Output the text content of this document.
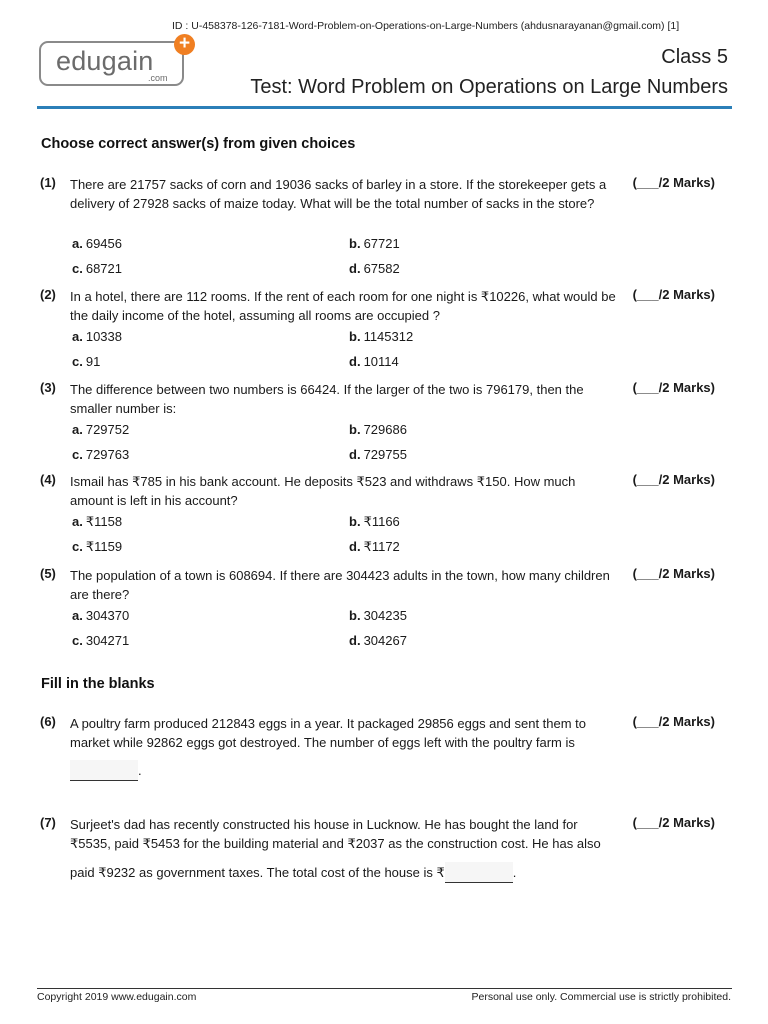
ID : U-458378-126-7181-Word-Problem-on-Operations-on-Large-Numbers (ahdusnarayanan@gmail.com) [1]
edugain
.com
+
Class 5
Test: Word Problem on Operations on Large Numbers
Choose correct answer(s) from given choices
(1) There are 21757 sacks of corn and 19036 sacks of barley in a store. If the storekeeper gets a delivery of 27928 sacks of maize today. What will be the total number of sacks in the store?
(___/2 Marks)
a. 69456	b. 67721
c. 68721	d. 67582
(2) In a hotel, there are 112 rooms. If the rent of each room for one night is ₹10226, what would be the daily income of the hotel, assuming all rooms are occupied ?
(___/2 Marks)
a. 10338	b. 1145312
c. 91	d. 10114
(3) The difference between two numbers is 66424. If the larger of the two is 796179, then the smaller number is:
(___/2 Marks)
a. 729752	b. 729686
c. 729763	d. 729755
(4) Ismail has ₹785 in his bank account. He deposits ₹523 and withdraws ₹150. How much amount is left in his account?
(___/2 Marks)
a. ₹1158	b. ₹1166
c. ₹1159	d. ₹1172
(5) The population of a town is 608694. If there are 304423 adults in the town, how many children are there?
(___/2 Marks)
a. 304370	b. 304235
c. 304271	d. 304267
Fill in the blanks
(6) A poultry farm produced 212843 eggs in a year. It packaged 29856 eggs and sent them to market while 92862 eggs got destroyed. The number of eggs left with the poultry farm is
(___/2 Marks)
.
(7) Surjeet's dad has recently constructed his house in Lucknow. He has bought the land for ₹5535, paid ₹5453 for the building material and ₹2037 as the construction cost. He has also
(___/2 Marks)
paid ₹9232 as government taxes. The total cost of the house is ₹	.
Copyright 2019 www.edugain.com	Personal use only. Commercial use is strictly prohibited.
